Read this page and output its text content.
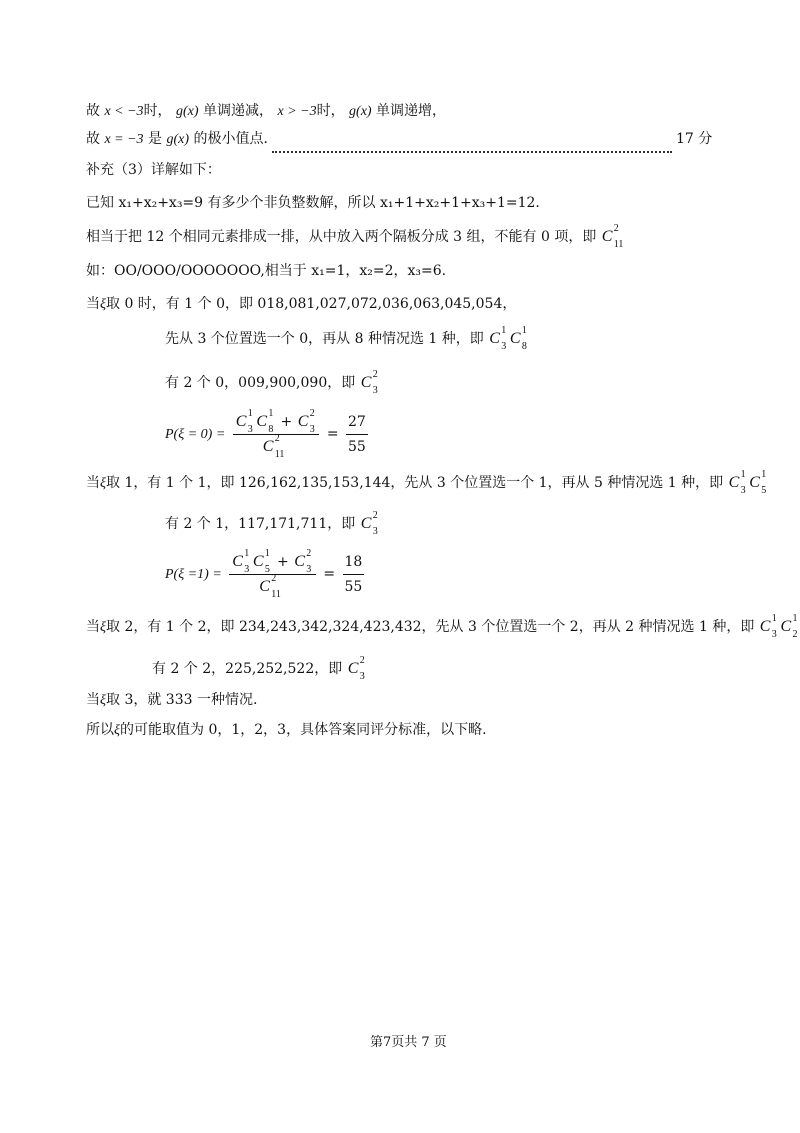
故 x < −3时， g(x) 单调递减， x > −3时， g(x) 单调递增，
故 x = −3 是 g(x) 的极小值点．	17 分
补充（3）详解如下：
已知 x₁+x₂+x₃=9 有多少个非负整数解，所以 x₁+1+x₂+1+x₃+1=12.
相当于把 12 个相同元素排成一排，从中放入两个隔板分成 3 组，不能有 0 项，即 C 2
11
如：OO/OOO/OOOOOOO,相当于 x₁=1，x₂=2，x₃=6.
当ξ取 0 时，有 1 个 0，即 018,081,027,072,036,063,045,054，
先从 3 个位置选一个 0，再从 8 种情况选 1 种，即 C 1
3 C 1
8
有 2 个 0，009,900,090，即 C 2
3
P(ξ = 0) = C 1
3 C 1
8 + C 2
3
C 2
$11 = \frac{27}{55}$
当ξ取 1，有 1 个 1，即 126,162,135,153,144，先从 3 个位置选一个 1，再从 5 种情况选 1 种，即 C 1
3 C 1
5
有 2 个 1，117,171,711，即 C 2
3
P(ξ =1) = C 1
3 C 1
5 + C 2
3
C 2
$11 = \frac{18}{55}$
当ξ取 2，有 1 个 2，即 234,243,342,324,423,432，先从 3 个位置选一个 2，再从 2 种情况选 1 种，即 C 1
3 C 1
2
有 2 个 2，225,252,522，即 C 2
3
当ξ取 3，就 333 一种情况.
所以ξ的可能取值为 0，1，2，3，具体答案同评分标准，以下略.
第7页共 7 页
